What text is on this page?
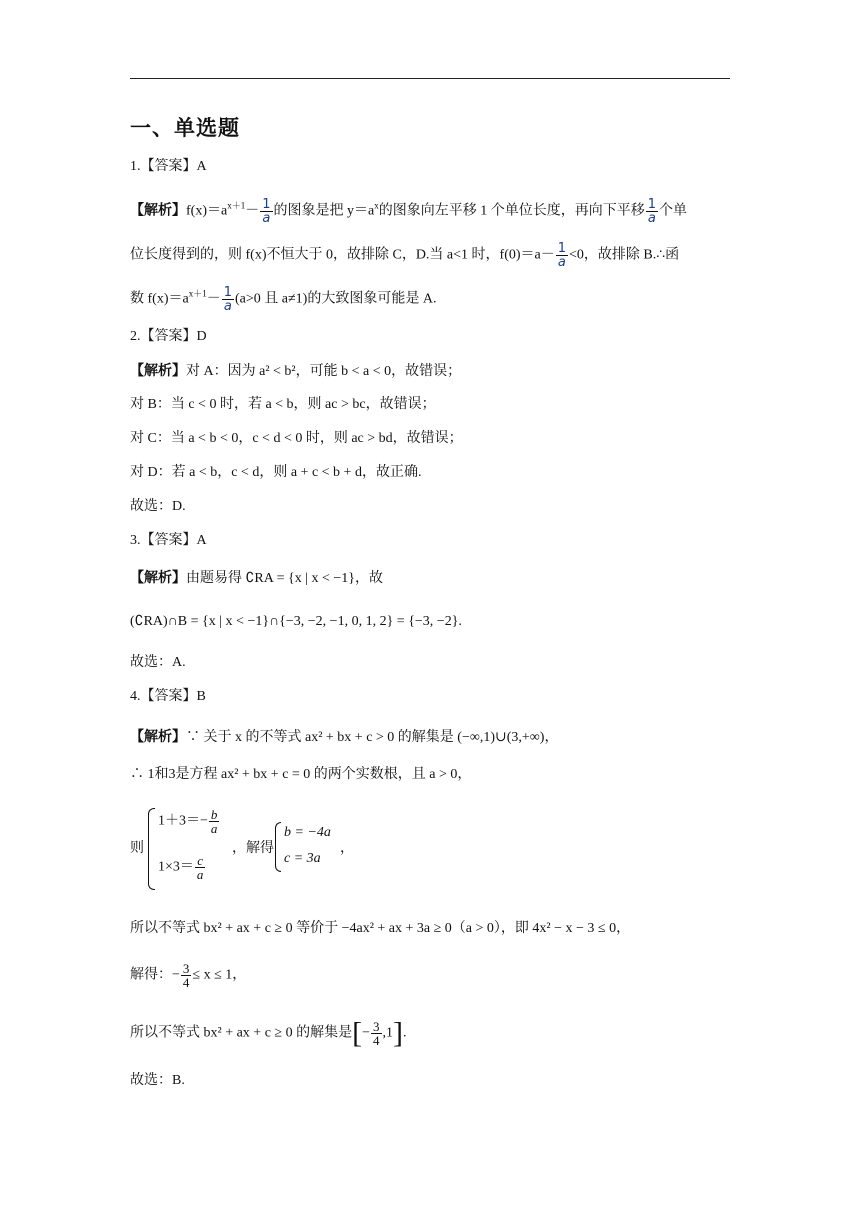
一、单选题
1.【答案】A
【解析】$f(x)=a^{x+1}- \frac{1}{a}$ 的图象是把 $y=a^x$的图象向左平移 1 个单位长度，再向下平移 $\frac{1}{a}$ 个单
位长度得到的，则 f(x)不恒大于 0，故排除 C，D.当 a<1 时，$f(0)=a- \frac{1}{a} <0$，故排除 B.∴函
数 $f(x)=a^{x+1}- \frac{1}{a} (a>0$ 且 a≠1)的大致图象可能是 A.
2.【答案】D
【解析】对 A：因为 a² < b²，可能 b < a < 0，故错误；
对 B：当 c < 0 时，若 a < b，则 ac > bc，故错误；
对 C：当 a < b < 0，c < d < 0 时，则 ac > bd，故错误；
对 D：若 a < b，c < d，则 a + c < b + d，故正确.
故选：D.
3.【答案】A
【解析】由题易得 ∁RA = {x | x < −1}，故
(∁RA)∩B = {x | x < −1}∩{−3, −2, −1, 0, 1, 2} = {−3, −2}.
故选：A.
4.【答案】B
【解析】∵ 关于 x 的不等式 ax² + bx + c > 0 的解集是 (−∞,1)∪(3,+∞)，
∴ 1和3是方程 ax² + bx + c = 0 的两个实数根，且 a > 0，
则
$1+3=- \frac{b}{a}$
$1\times 3= \frac{c}{a}$
，解得
b = −4a
c = 3a
，
所以不等式 bx² + ax + c ≥ 0 等价于 −4ax² + ax + 3a ≥ 0（a > 0），即 4x² − x − 3 ≤ 0，
解得：− $\frac{3}{4} \le x \le 1$，
所以不等式 bx² + ax + c ≥ 0 的解集是[− $\frac{3}{4} ,1$].
故选：B.
